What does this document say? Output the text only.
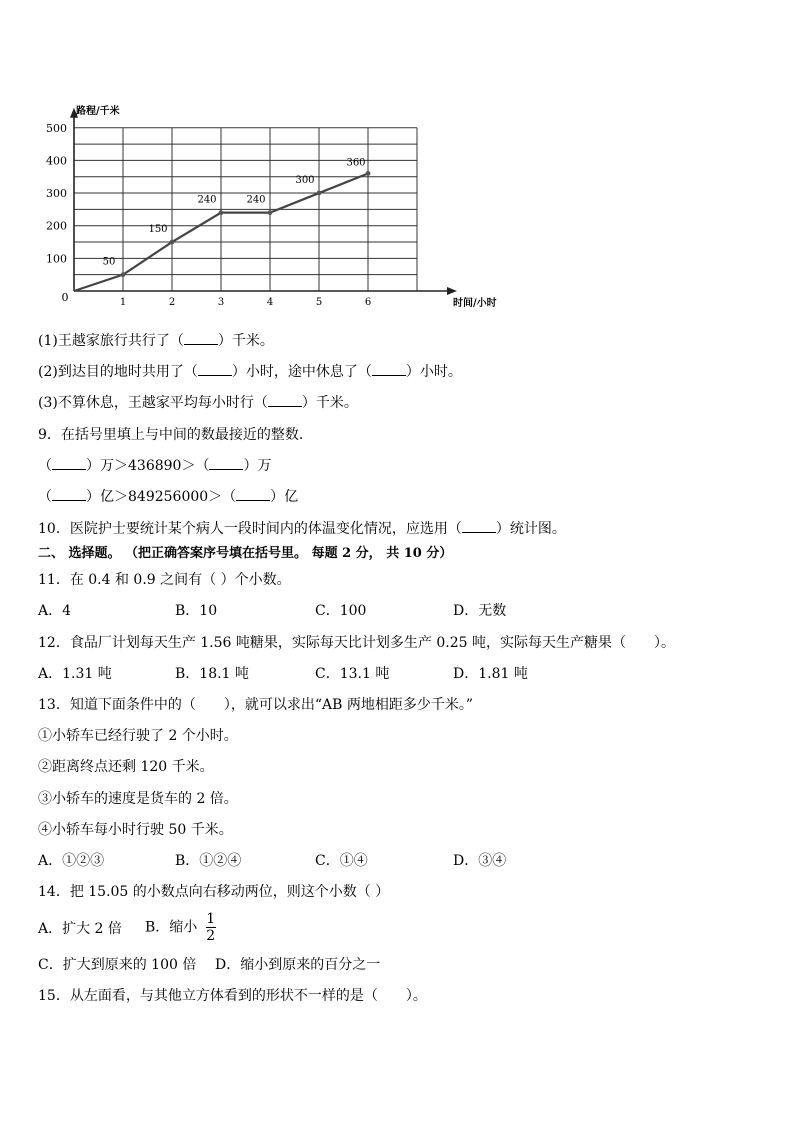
1	2	3	4	5	6
100
200
300
400
500
0
路程/千米
时间/小时
50
150
240	240
300
360
(1)王越家旅行共行了（ ）千米。
(2)到达目的地时共用了（ ）小时，途中休息了（ ）小时。
(3)不算休息，王越家平均每小时行（ ）千米。
9．在括号里填上与中间的数最接近的整数．
（ ）万＞436890＞（ ）万
（ ）亿＞849256000＞（ ）亿
10．医院护士要统计某个病人一段时间内的体温变化情况，应选用（ ）统计图。
二、 选择题。 （把正确答案序号填在括号里。 每题 2 分， 共 10 分）
11．在 0.4 和 0.9 之间有（ ）个小数。
A．4	B．10	C．100	D．无数
12．食品厂计划每天生产 1.56 吨糖果，实际每天比计划多生产 0.25 吨，实际每天生产糖果（　　）。
A．1.31 吨	B．18.1 吨	C．13.1 吨	D．1.81 吨
13．知道下面条件中的（　　），就可以求出“AB 两地相距多少千米。”
①小轿车已经行驶了 2 个小时。
②距离终点还剩 120 千米。
③小轿车的速度是货车的 2 倍。
④小轿车每小时行驶 50 千米。
A．①②③	B．①②④	C．①④	D．③④
14．把 15.05 的小数点向右移动两位，则这个小数（ ）
A．扩大 2 倍 B．缩小 $\frac{1}{2}$
C．扩大到原来的 100 倍 D．缩小到原来的百分之一
15．从左面看，与其他立方体看到的形状不一样的是（　　）。
